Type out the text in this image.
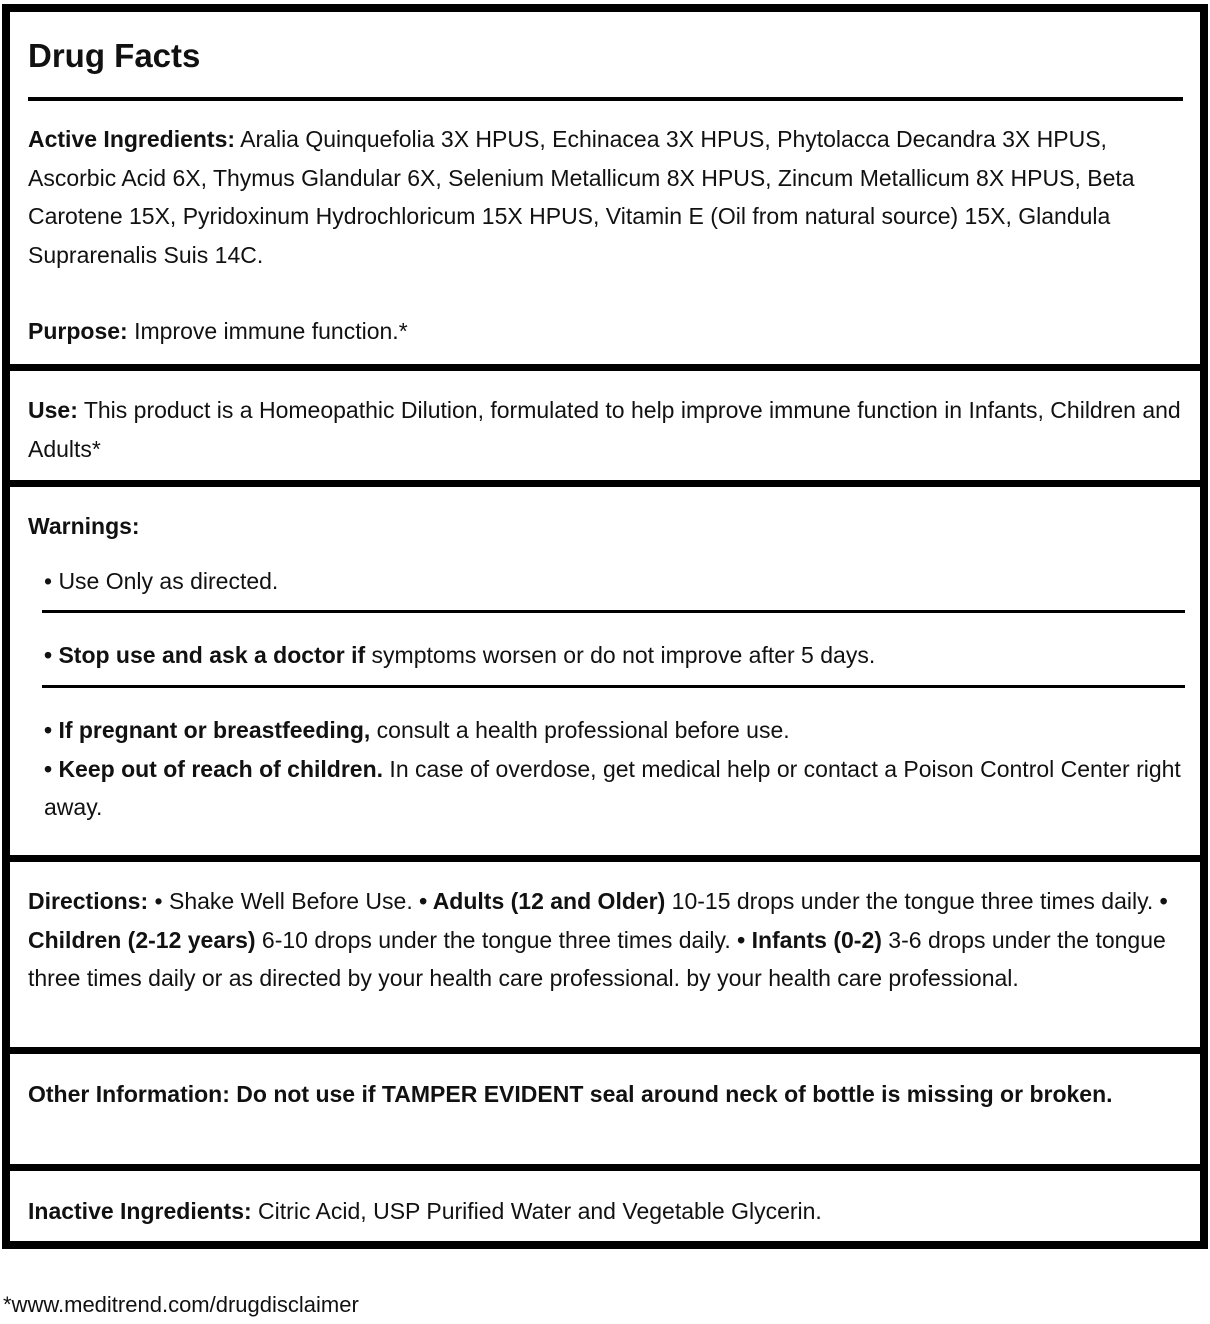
Drug Facts

Active Ingredients: Aralia Quinquefolia 3X HPUS, Echinacea 3X HPUS, Phytolacca Decandra 3X HPUS, Ascorbic Acid 6X, Thymus Glandular 6X, Selenium Metallicum 8X HPUS, Zincum Metallicum 8X HPUS, Beta Carotene 15X, Pyridoxinum Hydrochloricum 15X HPUS, Vitamin E (Oil from natural source) 15X, Glandula Suprarenalis Suis 14C.

Purpose: Improve immune function.*

Use: This product is a Homeopathic Dilution, formulated to help improve immune function in Infants, Children and Adults*

Warnings:

• Use Only as directed.

• Stop use and ask a doctor if symptoms worsen or do not improve after 5 days.

• If pregnant or breastfeeding, consult a health professional before use.

• Keep out of reach of children. In case of overdose, get medical help or contact a Poison Control Center right away.

Directions: • Shake Well Before Use. • Adults (12 and Older) 10-15 drops under the tongue three times daily. • Children (2-12 years) 6-10 drops under the tongue three times daily. • Infants (0-2) 3-6 drops under the tongue three times daily or as directed by your health care professional. by your health care professional.

Other Information: Do not use if TAMPER EVIDENT seal around neck of bottle is missing or broken.

Inactive Ingredients: Citric Acid, USP Purified Water and Vegetable Glycerin.

*www.meditrend.com/drugdisclaimer
